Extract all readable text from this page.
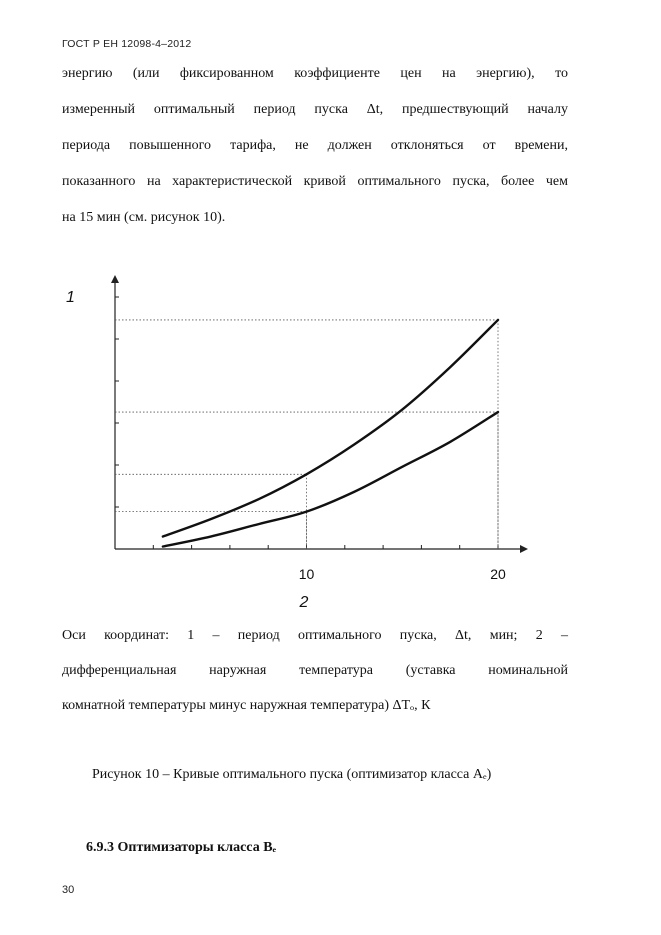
ГОСТ Р ЕН 12098-4–2012
энергию (или фиксированном коэффициенте цен на энергию), то
измеренный оптимальный период пуска Δt, предшествующий началу
периода повышенного тарифа, не должен отклоняться от времени,
показанного на характеристической кривой оптимального пуска, более чем
на 15 мин (см. рисунок 10).
10	20
1
2
Оси координат: 1 – период оптимального пуска, Δt, мин; 2 –
дифференциальная наружная температура (уставка номинальной
комнатной температуры минус наружная температура) ΔTₒ, К
Рисунок 10 – Кривые оптимального пуска (оптимизатор класса Aₑ)
6.9.3 Оптимизаторы класса Bₑ
30
